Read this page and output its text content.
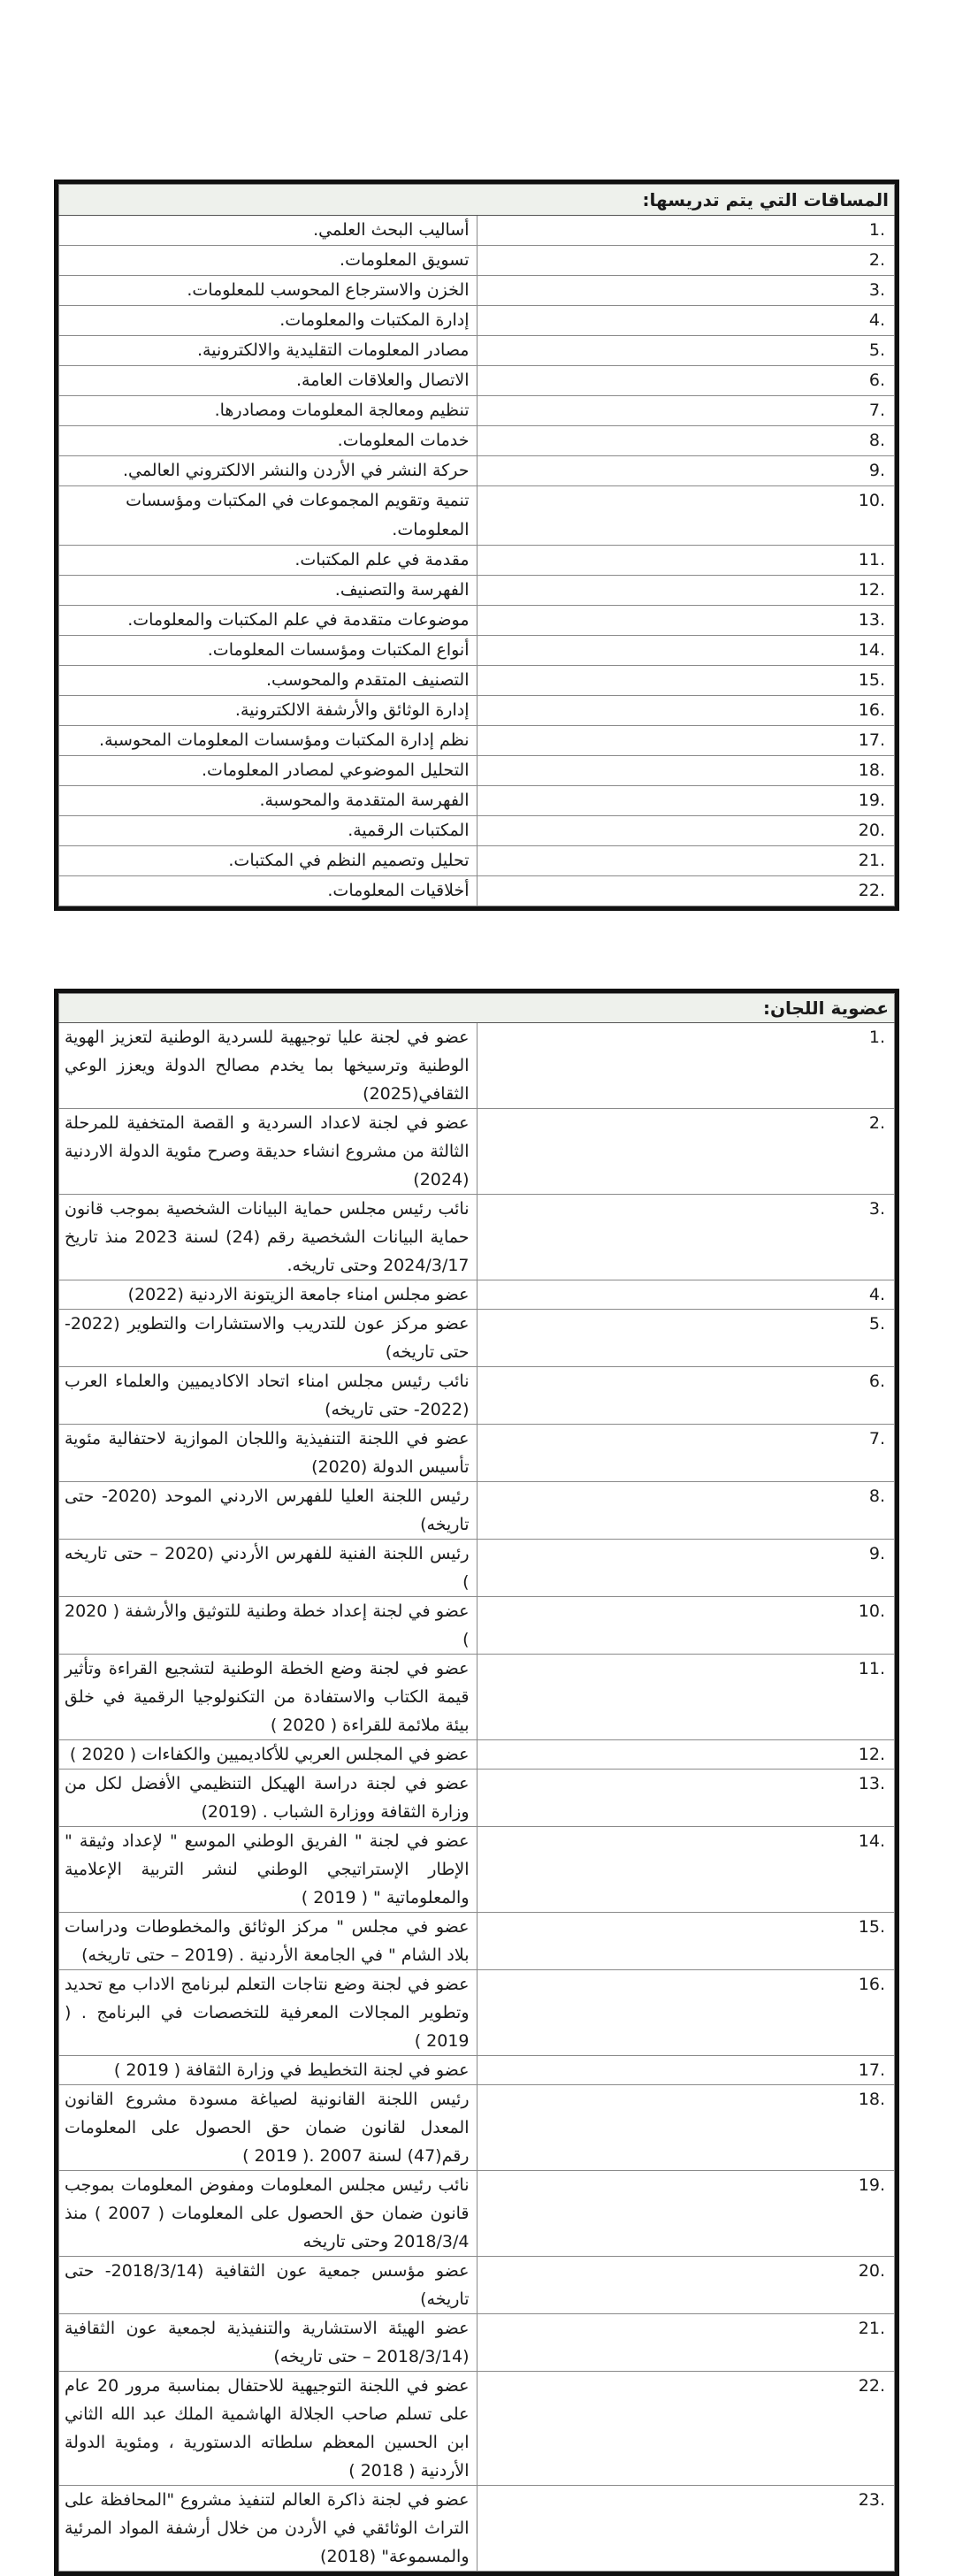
المساقات التي يتم تدريسها:	
.1	أساليب البحث العلمي.
.2	تسويق المعلومات.
.3	الخزن والاسترجاع المحوسب للمعلومات.
.4	إدارة المكتبات والمعلومات.
.5	مصادر المعلومات التقليدية والالكترونية.
.6	الاتصال والعلاقات العامة.
.7	تنظيم ومعالجة المعلومات ومصادرها.
.8	خدمات المعلومات.
.9	حركة النشر في الأردن والنشر الالكتروني العالمي.
.10	تنمية وتقويم المجموعات في المكتبات ومؤسسات المعلومات.
.11	مقدمة في علم المكتبات.
.12	الفهرسة والتصنيف.
.13	موضوعات متقدمة في علم المكتبات والمعلومات.
.14	أنواع المكتبات ومؤسسات المعلومات.
.15	التصنيف المتقدم والمحوسب.
.16	إدارة الوثائق والأرشفة الالكترونية.
.17	نظم إدارة المكتبات ومؤسسات المعلومات المحوسبة.
.18	التحليل الموضوعي لمصادر المعلومات.
.19	الفهرسة المتقدمة والمحوسبة.
.20	المكتبات الرقمية.
.21	تحليل وتصميم النظم في المكتبات.
.22	أخلاقيات المعلومات.
عضوية اللجان:	
.1	عضو في لجنة عليا توجيهية للسردية الوطنية لتعزيز الهوية الوطنية وترسيخها بما يخدم مصالح الدولة ويعزز الوعي الثقافي(2025)
.2	عضو في لجنة لاعداد السردية و القصة المتخفية للمرحلة الثالثة من مشروع انشاء حديقة وصرح مئوية الدولة الاردنية (2024)
.3	نائب رئيس مجلس حماية البيانات الشخصية بموجب قانون حماية البيانات الشخصية رقم (24) لسنة 2023 منذ تاريخ 2024/3/17 وحتى تاريخه.
.4	عضو مجلس امناء جامعة الزيتونة الاردنية (2022)
.5	عضو مركز عون للتدريب والاستشارات والتطوير (2022- حتى تاريخه)
.6	نائب رئيس مجلس امناء اتحاد الاكاديميين والعلماء العرب (2022- حتى تاريخه)
.7	عضو في اللجنة التنفيذية واللجان الموازية لاحتفالية مئوية تأسيس الدولة (2020)
.8	رئيس اللجنة العليا للفهرس الاردني الموحد (2020- حتى تاريخه)
.9	رئيس اللجنة الفنية للفهرس الأردني (2020 – حتى تاريخه )
.10	عضو في لجنة إعداد خطة وطنية للتوثيق والأرشفة ( 2020 )
.11	عضو في لجنة وضع الخطة الوطنية لتشجيع القراءة وتأثير قيمة الكتاب والاستفادة من التكنولوجيا الرقمية في خلق بيئة ملائمة للقراءة ( 2020 )
.12	عضو في المجلس العربي للأكاديميين والكفاءات ( 2020 )
.13	عضو في لجنة دراسة الهيكل التنظيمي الأفضل لكل من وزارة الثقافة ووزارة الشباب . (2019)
.14	عضو في لجنة " الفريق الوطني الموسع " لإعداد وثيقة " الإطار الإستراتيجي الوطني لنشر التربية الإعلامية والمعلوماتية " ( 2019 )
.15	عضو في مجلس " مركز الوثائق والمخطوطات ودراسات بلاد الشام " في الجامعة الأردنية . (2019 – حتى تاريخه)
.16	عضو في لجنة وضع نتاجات التعلم لبرنامج الاداب مع تحديد وتطوير المجالات المعرفية للتخصصات في البرنامج . ( 2019 )
.17	عضو في لجنة التخطيط في وزارة الثقافة ( 2019 )
.18	رئيس اللجنة القانونية لصياغة مسودة مشروع القانون المعدل لقانون ضمان حق الحصول على المعلومات رقم(47) لسنة 2007 .( 2019 )
.19	نائب رئيس مجلس المعلومات ومفوض المعلومات بموجب قانون ضمان حق الحصول على المعلومات ( 2007 ) منذ 2018/3/4 وحتى تاريخه
.20	عضو مؤسس جمعية عون الثقافية (2018/3/14- حتى تاريخه)
.21	عضو الهيئة الاستشارية والتنفيذية لجمعية عون الثقافية (2018/3/14 – حتى تاريخه)
.22	عضو في اللجنة التوجيهية للاحتفال بمناسبة مرور 20 عام على تسلم صاحب الجلالة الهاشمية الملك عبد الله الثاني ابن الحسين المعظم سلطاته الدستورية ، ومئوية الدولة الأردنية ( 2018 )
.23	عضو في لجنة ذاكرة العالم لتنفيذ مشروع "المحافظة على التراث الوثائقي في الأردن من خلال أرشفة المواد المرئية والمسموعة" (2018)
